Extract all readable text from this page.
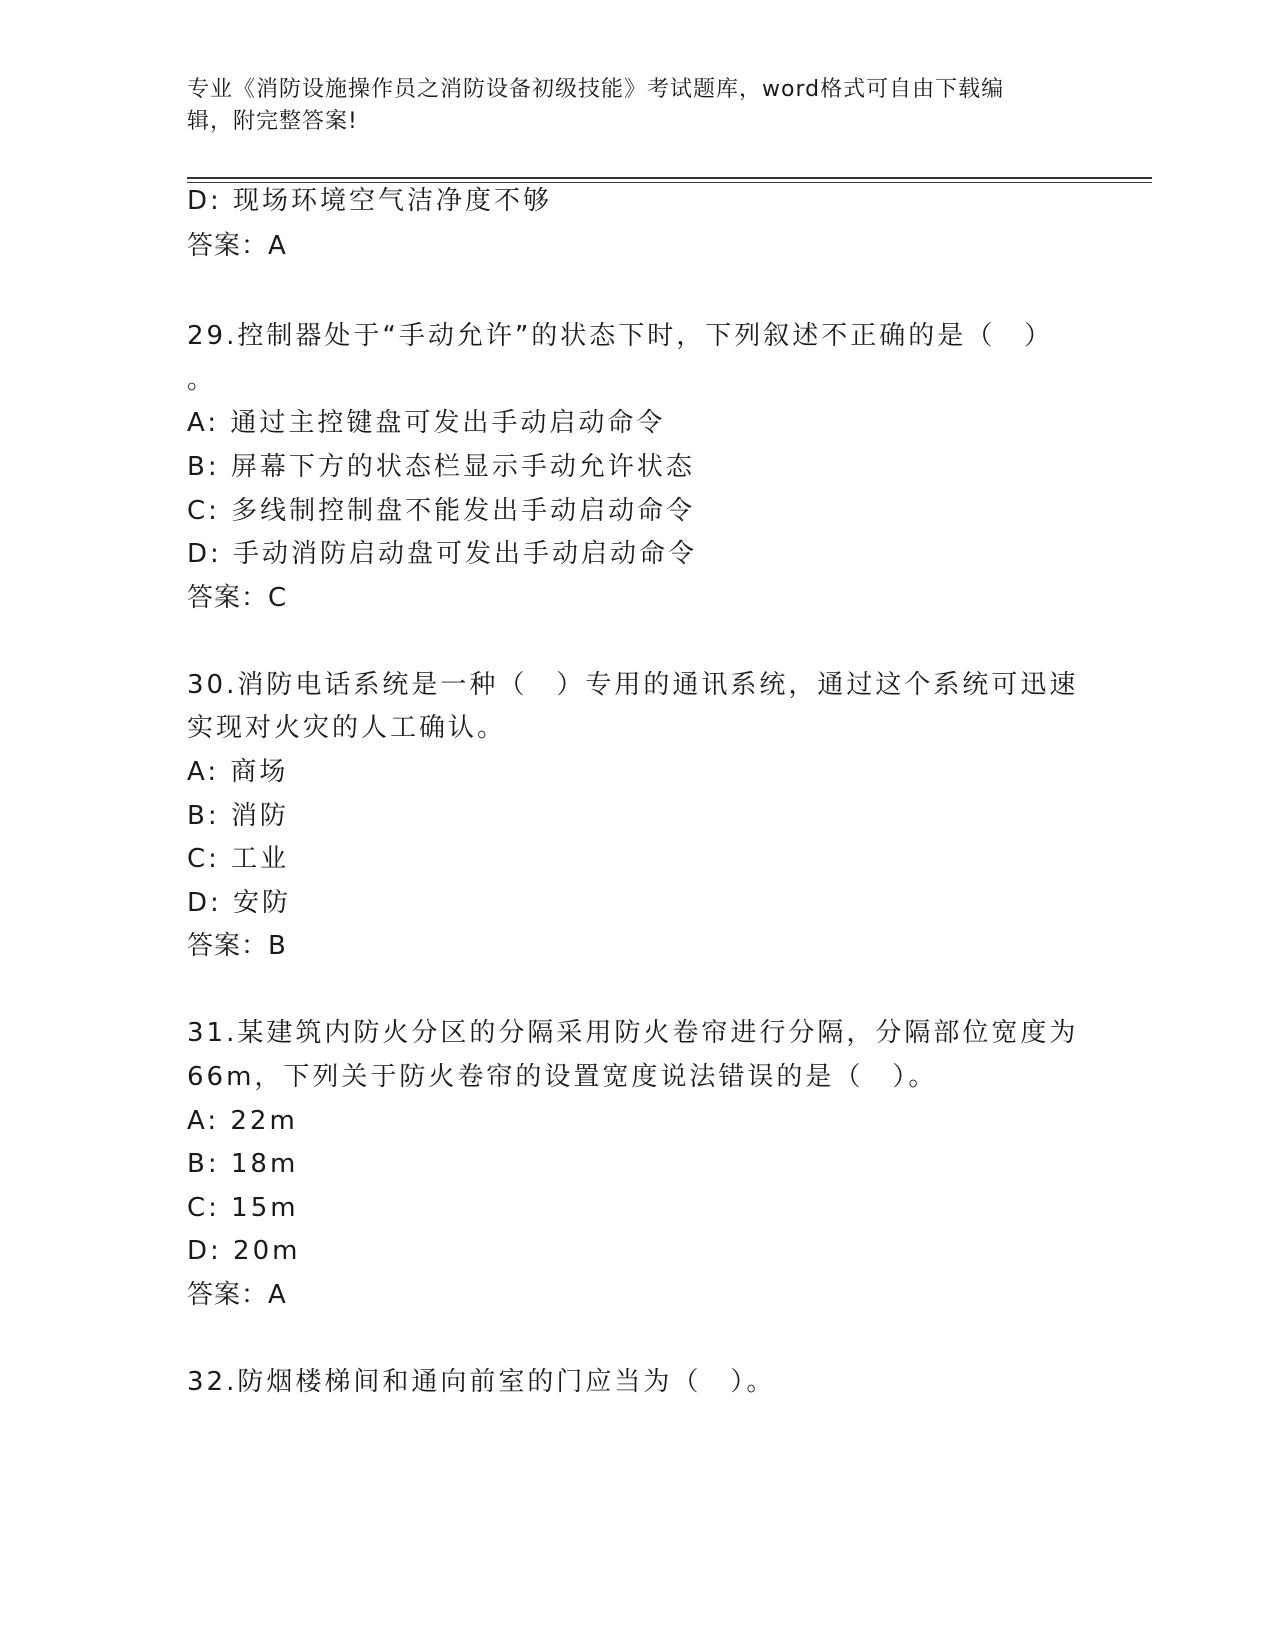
专业《消防设施操作员之消防设备初级技能》考试题库，word格式可自由下载编
辑，附完整答案!

D: 现场环境空气洁净度不够

答案：A

29.控制器处于“手动允许”的状态下时，下列叙述不正确的是（　）

。

A: 通过主控键盘可发出手动启动命令

B: 屏幕下方的状态栏显示手动允许状态

C: 多线制控制盘不能发出手动启动命令

D: 手动消防启动盘可发出手动启动命令

答案：C

30.消防电话系统是一种（　）专用的通讯系统，通过这个系统可迅速

实现对火灾的人工确认。

A: 商场

B: 消防

C: 工业

D: 安防

答案：B

31.某建筑内防火分区的分隔采用防火卷帘进行分隔，分隔部位宽度为

66m，下列关于防火卷帘的设置宽度说法错误的是（　）。

A: 22m

B: 18m

C: 15m

D: 20m

答案：A

32.防烟楼梯间和通向前室的门应当为（　）。
